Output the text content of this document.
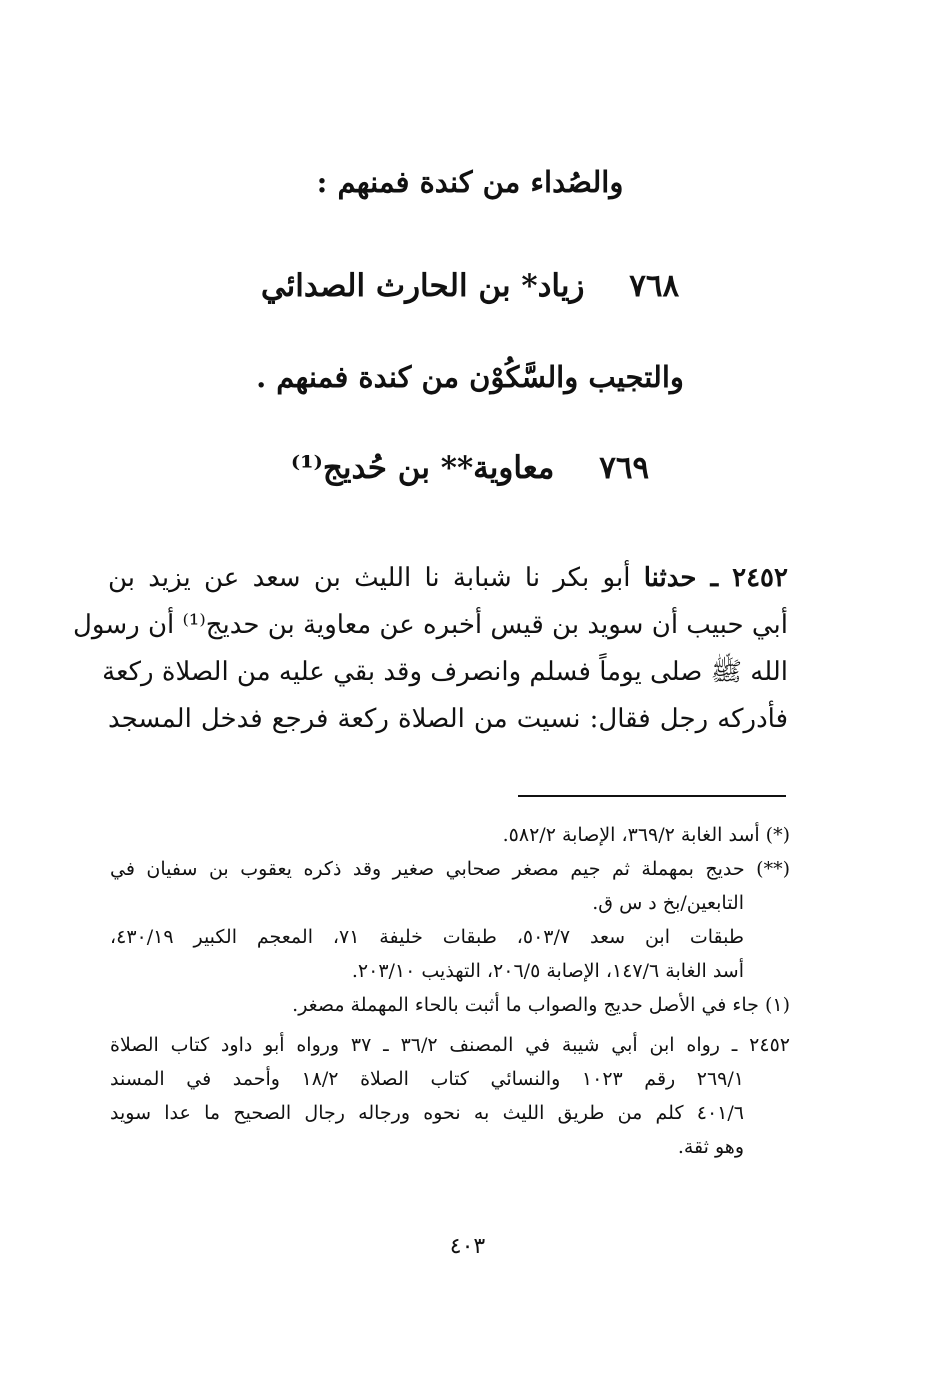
والصُداء من كندة فمنهم :
٧٦٨ زياد* بن الحارث الصدائي
والتجيب والسَّكُوْن من كندة فمنهم .
٧٦٩ معاوية** بن حُديج⁽¹⁾
٢٤٥٢ ـ حدثنا أبو بكر نا شبابة نا الليث بن سعد عن يزيد بن
أبي حبيب أن سويد بن قيس أخبره عن معاوية بن حديج⁽¹⁾ أن رسول
الله ﷺ صلى يوماً فسلم وانصرف وقد بقي عليه من الصلاة ركعة
فأدركه رجل فقال: نسيت من الصلاة ركعة فرجع فدخل المسجد
(*) أسد الغابة ٣٦٩/٢، الإصابة ٥٨٢/٢.
(**) حديج بمهملة ثم جيم مصغر صحابي صغير وقد ذكره يعقوب بن سفيان في
التابعين/بخ د س ق.
طبقات ابن سعد ٥٠٣/٧، طبقات خليفة ٧١، المعجم الكبير ٤٣٠/١٩،
أسد الغابة ١٤٧/٦، الإصابة ٢٠٦/٥، التهذيب ٢٠٣/١٠.
(١) جاء في الأصل حديج والصواب ما أثبت بالحاء المهملة مصغر.
٢٤٥٢ ـ رواه ابن أبي شيبة في المصنف ٣٦/٢ ـ ٣٧ ورواه أبو داود كتاب الصلاة
٢٦٩/١ رقم ١٠٢٣ والنسائي كتاب الصلاة ١٨/٢ وأحمد في المسند
٤٠١/٦ كلم من طريق الليث به نحوه ورجاله رجال الصحيح ما عدا سويد
وهو ثقة.
٤٠٣
